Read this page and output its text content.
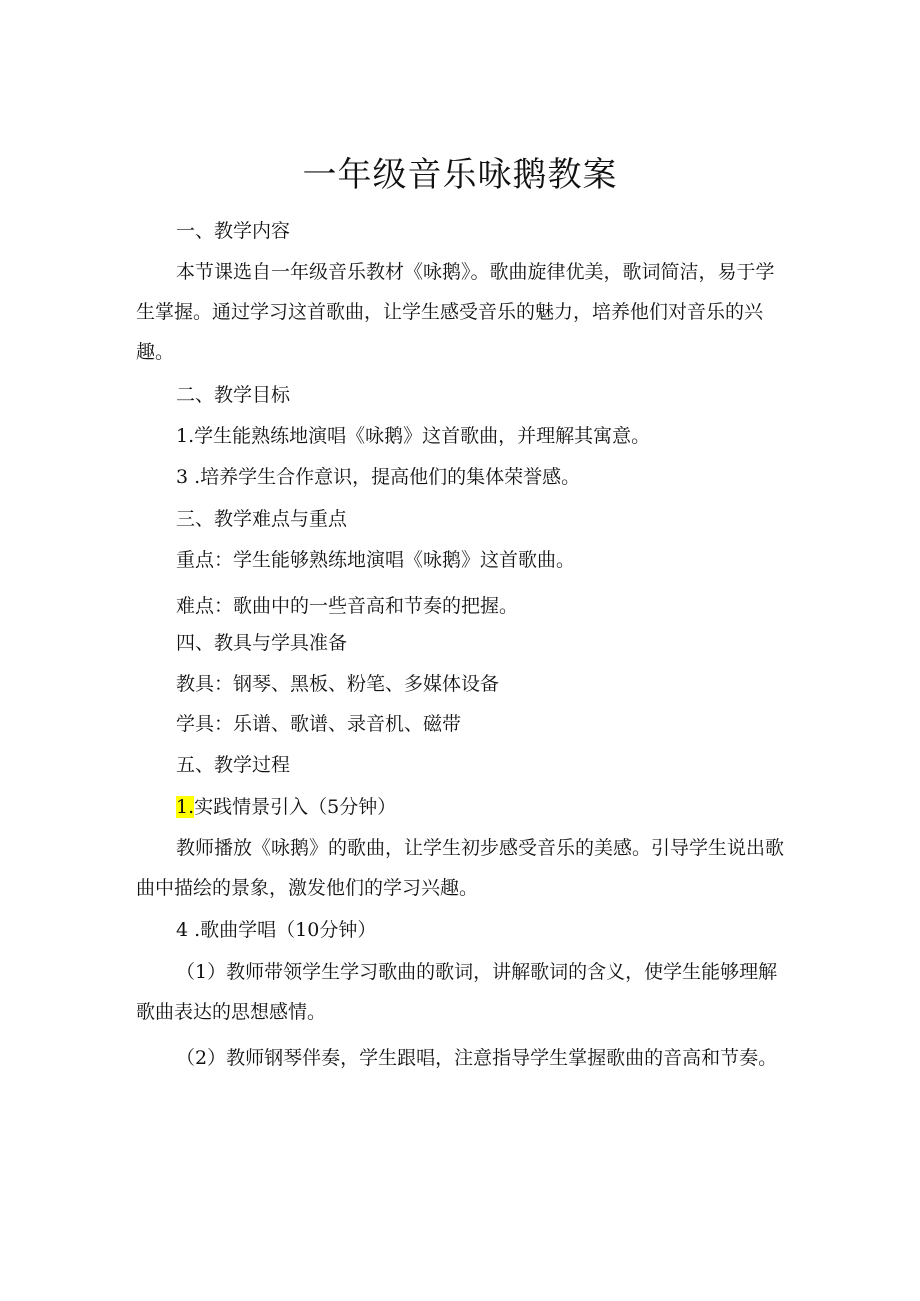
一年级音乐咏鹅教案

一、教学内容

本节课选自一年级音乐教材《咏鹅》。歌曲旋律优美，歌词简洁，易于学生掌握。通过学习这首歌曲，让学生感受音乐的魅力，培养他们对音乐的兴趣。

二、教学目标

1.学生能熟练地演唱《咏鹅》这首歌曲，并理解其寓意。

3 .培养学生合作意识，提高他们的集体荣誉感。

三、教学难点与重点

重点：学生能够熟练地演唱《咏鹅》这首歌曲。

难点：歌曲中的一些音高和节奏的把握。

四、教具与学具准备

教具：钢琴、黑板、粉笔、多媒体设备

学具：乐谱、歌谱、录音机、磁带

五、教学过程

1.实践情景引入（5分钟）

教师播放《咏鹅》的歌曲，让学生初步感受音乐的美感。引导学生说出歌曲中描绘的景象，激发他们的学习兴趣。

4 .歌曲学唱（10分钟）

（1）教师带领学生学习歌曲的歌词，讲解歌词的含义，使学生能够理解歌曲表达的思想感情。

（2）教师钢琴伴奏，学生跟唱，注意指导学生掌握歌曲的音高和节奏。
